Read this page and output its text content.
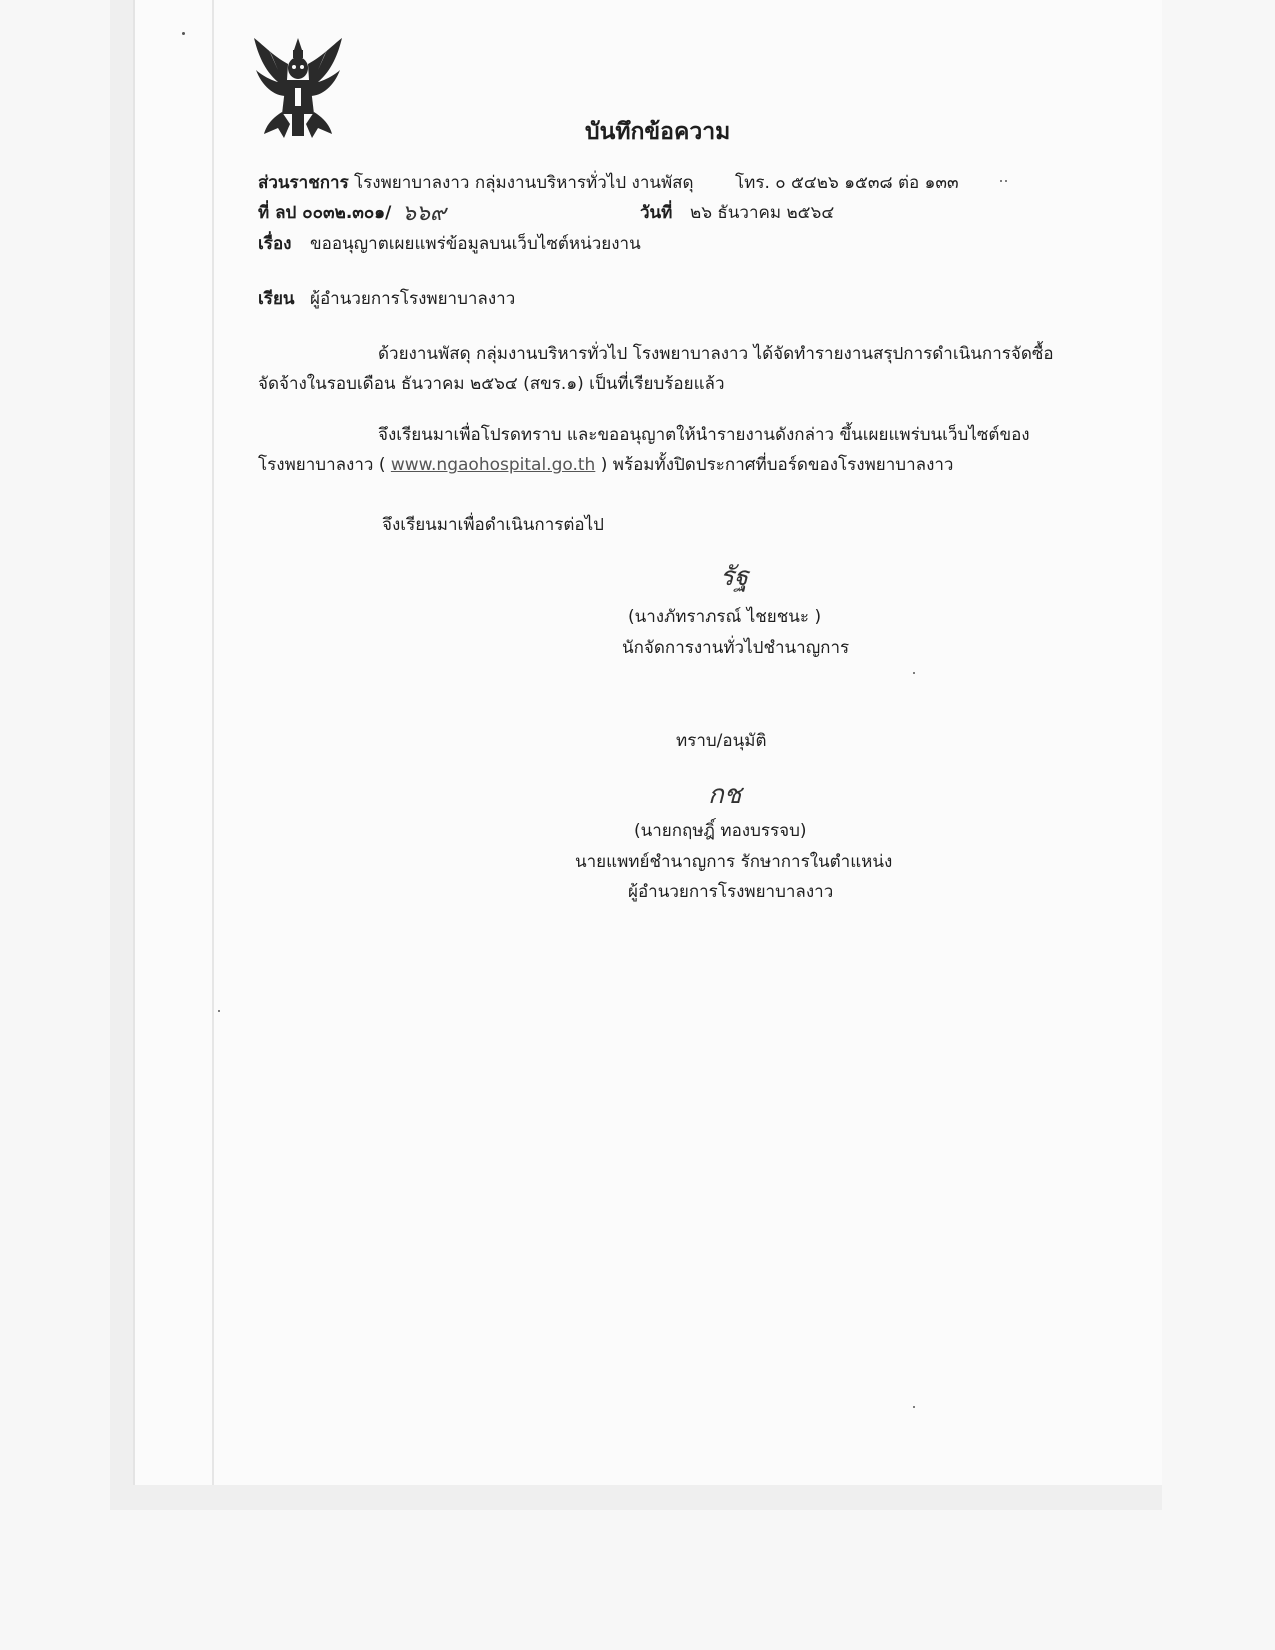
บันทึกข้อความ
ส่วนราชการ โรงพยาบาลงาว กลุ่มงานบริหารทั่วไป งานพัสดุ โทร. ๐ ๕๔๒๖ ๑๕๓๘ ต่อ ๑๓๓
ที่ ลป ๐๐๓๒.๓๐๑/ ๖๖๙	วันที่ ๒๖ ธันวาคม ๒๕๖๔
เรื่อง ขออนุญาตเผยแพร่ข้อมูลบนเว็บไซต์หน่วยงาน
เรียน ผู้อำนวยการโรงพยาบาลงาว
ด้วยงานพัสดุ กลุ่มงานบริหารทั่วไป โรงพยาบาลงาว ได้จัดทำรายงานสรุปการดำเนินการจัดซื้อ
จัดจ้างในรอบเดือน ธันวาคม ๒๕๖๔ (สขร.๑) เป็นที่เรียบร้อยแล้ว
จึงเรียนมาเพื่อโปรดทราบ และขออนุญาตให้นำรายงานดังกล่าว ขึ้นเผยแพร่บนเว็บไซต์ของ
โรงพยาบาลงาว ( www.ngaohospital.go.th ) พร้อมทั้งปิดประกาศที่บอร์ดของโรงพยาบาลงาว
จึงเรียนมาเพื่อดำเนินการต่อไป
รัฐ
(นางภัทราภรณ์ ไชยชนะ )
นักจัดการงานทั่วไปชำนาญการ
ทราบ/อนุมัติ
กช
(นายกฤษฎิ์ ทองบรรจบ)
นายแพทย์ชำนาญการ รักษาการในตำแหน่ง
ผู้อำนวยการโรงพยาบาลงาว
